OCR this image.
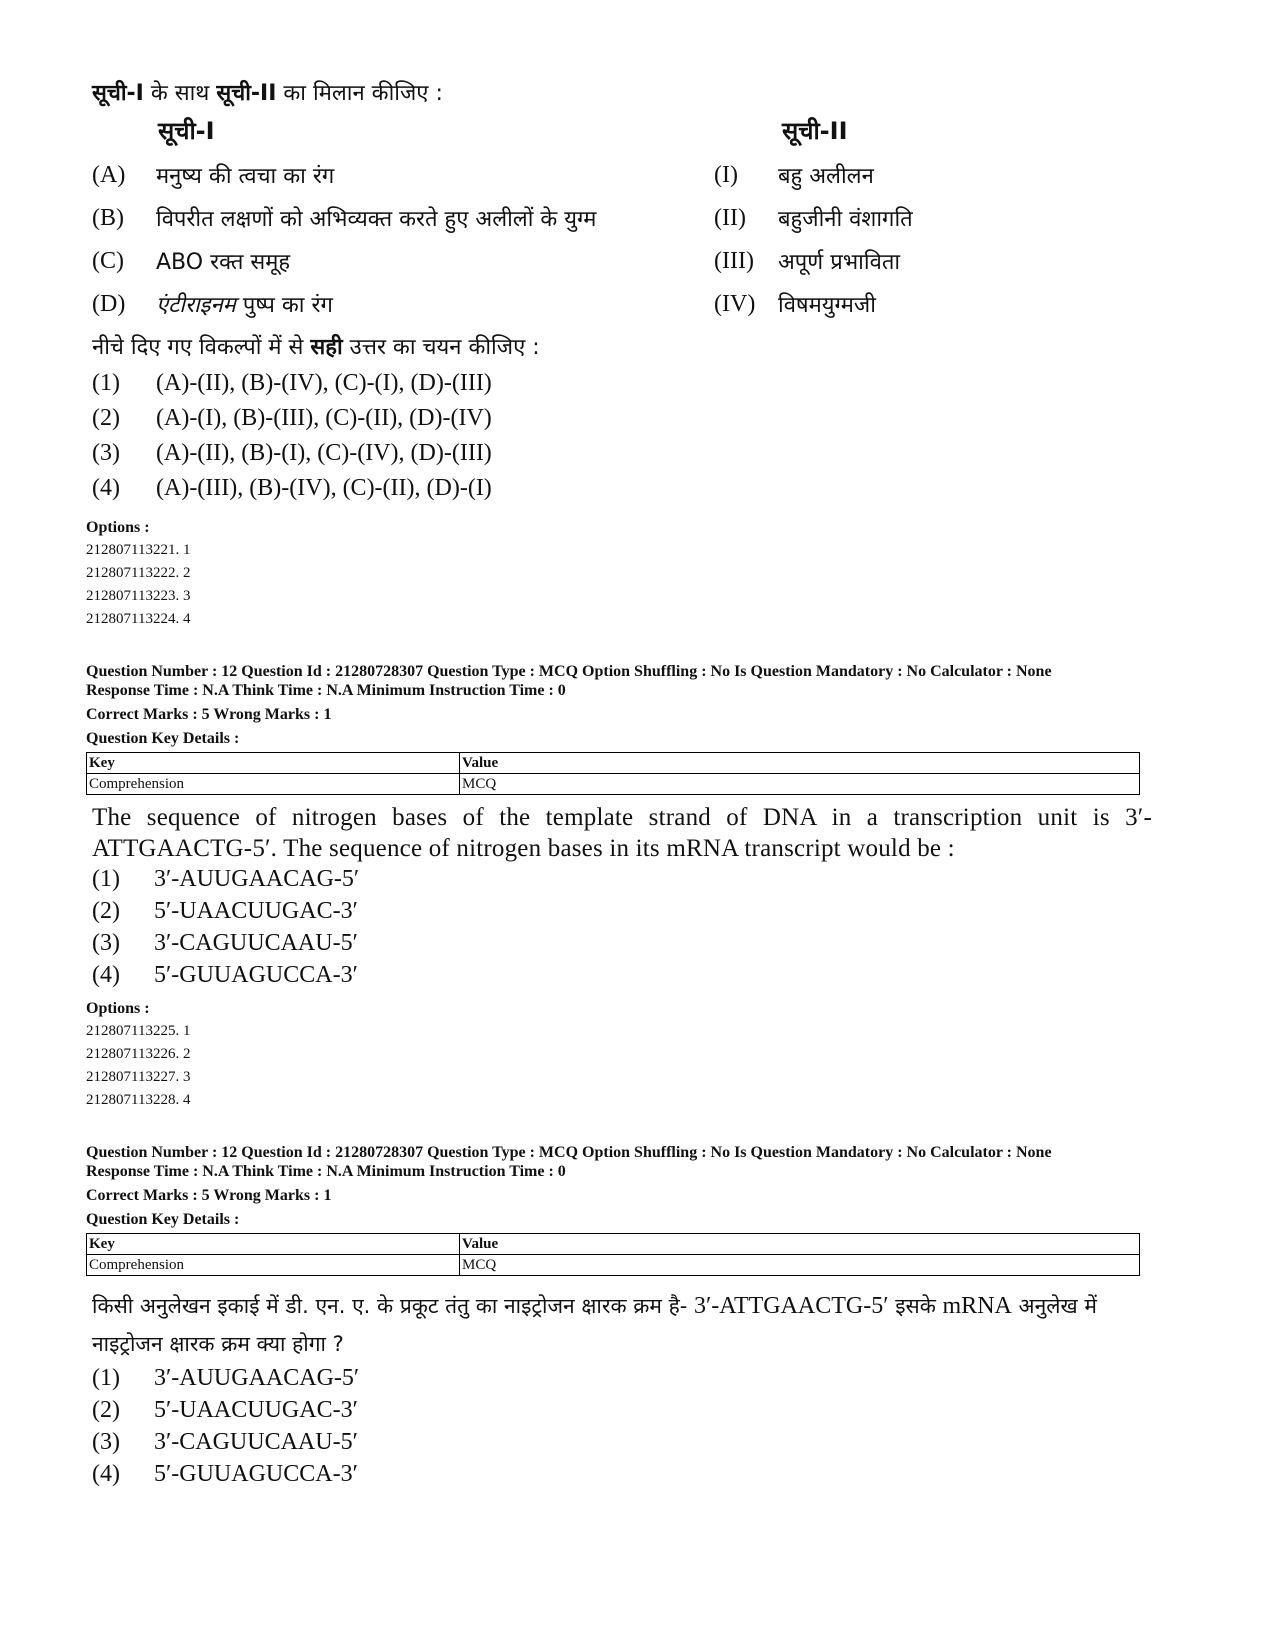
सूची-I के साथ सूची-II का मिलान कीजिए :
सूची-I	सूची-II
(A) मनुष्य की त्वचा का रंग	(I) बहु अलीलन
(B) विपरीत लक्षणों को अभिव्यक्त करते हुए अलीलों के युग्म	(II) बहुजीनी वंशागति
(C) ABO रक्त समूह	(III) अपूर्ण प्रभाविता
(D) एंटीराइनम पुष्प का रंग	(IV) विषमयुग्मजी
नीचे दिए गए विकल्पों में से सही उत्तर का चयन कीजिए :
(1) (A)-(II), (B)-(IV), (C)-(I), (D)-(III)
(2) (A)-(I), (B)-(III), (C)-(II), (D)-(IV)
(3) (A)-(II), (B)-(I), (C)-(IV), (D)-(III)
(4) (A)-(III), (B)-(IV), (C)-(II), (D)-(I)
Options :
212807113221. 1
212807113222. 2
212807113223. 3
212807113224. 4
Question Number : 12 Question Id : 21280728307 Question Type : MCQ Option Shuffling : No Is Question Mandatory : No Calculator : None
Response Time : N.A Think Time : N.A Minimum Instruction Time : 0
Correct Marks : 5 Wrong Marks : 1
Question Key Details :
Key	Value
Comprehension	MCQ
The sequence of nitrogen bases of the template strand of DNA in a transcription unit is 3′-ATTGAACTG-5′. The sequence of nitrogen bases in its mRNA transcript would be :
(1) 3′-AUUGAACAG-5′
(2) 5′-UAACUUGAC-3′
(3) 3′-CAGUUCAAU-5′
(4) 5′-GUUAGUCCA-3′
Options :
212807113225. 1
212807113226. 2
212807113227. 3
212807113228. 4
Question Number : 12 Question Id : 21280728307 Question Type : MCQ Option Shuffling : No Is Question Mandatory : No Calculator : None
Response Time : N.A Think Time : N.A Minimum Instruction Time : 0
Correct Marks : 5 Wrong Marks : 1
Question Key Details :
Key	Value
Comprehension	MCQ
किसी अनुलेखन इकाई में डी. एन. ए. के प्रकूट तंतु का नाइट्रोजन क्षारक क्रम है- 3′-ATTGAACTG-5′ इसके mRNA अनुलेख में नाइट्रोजन क्षारक क्रम क्या होगा ?
(1) 3′-AUUGAACAG-5′
(2) 5′-UAACUUGAC-3′
(3) 3′-CAGUUCAAU-5′
(4) 5′-GUUAGUCCA-3′
